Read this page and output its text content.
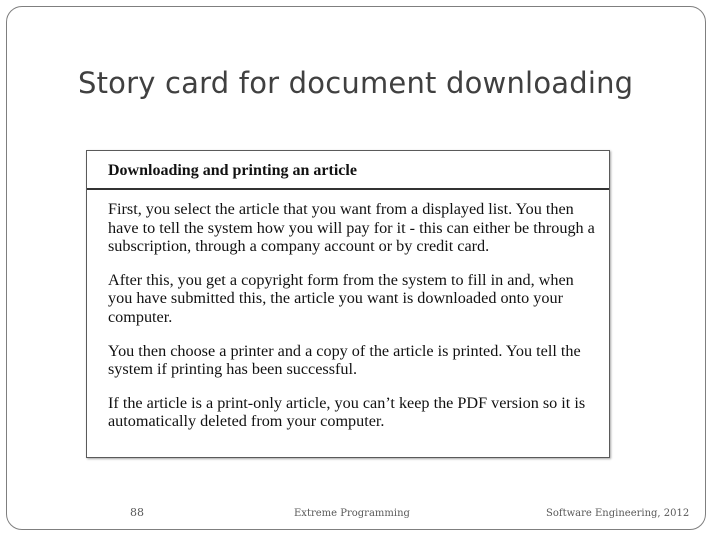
Story card for document downloading
Downloading and printing an article

First, you select the article that you want from a displayed list. You then have to tell the system how you will pay for it - this can either be through a subscription, through a company account or by credit card.

After this, you get a copyright form from the system to fill in and, when you have submitted this, the article you want is downloaded onto your computer.

You then choose a printer and a copy of the article is printed. You tell the system if printing has been successful.

If the article is a print-only article, you can’t keep the PDF version so it is automatically deleted from your computer.

88	Extreme Programming	Software Engineering, 2012
